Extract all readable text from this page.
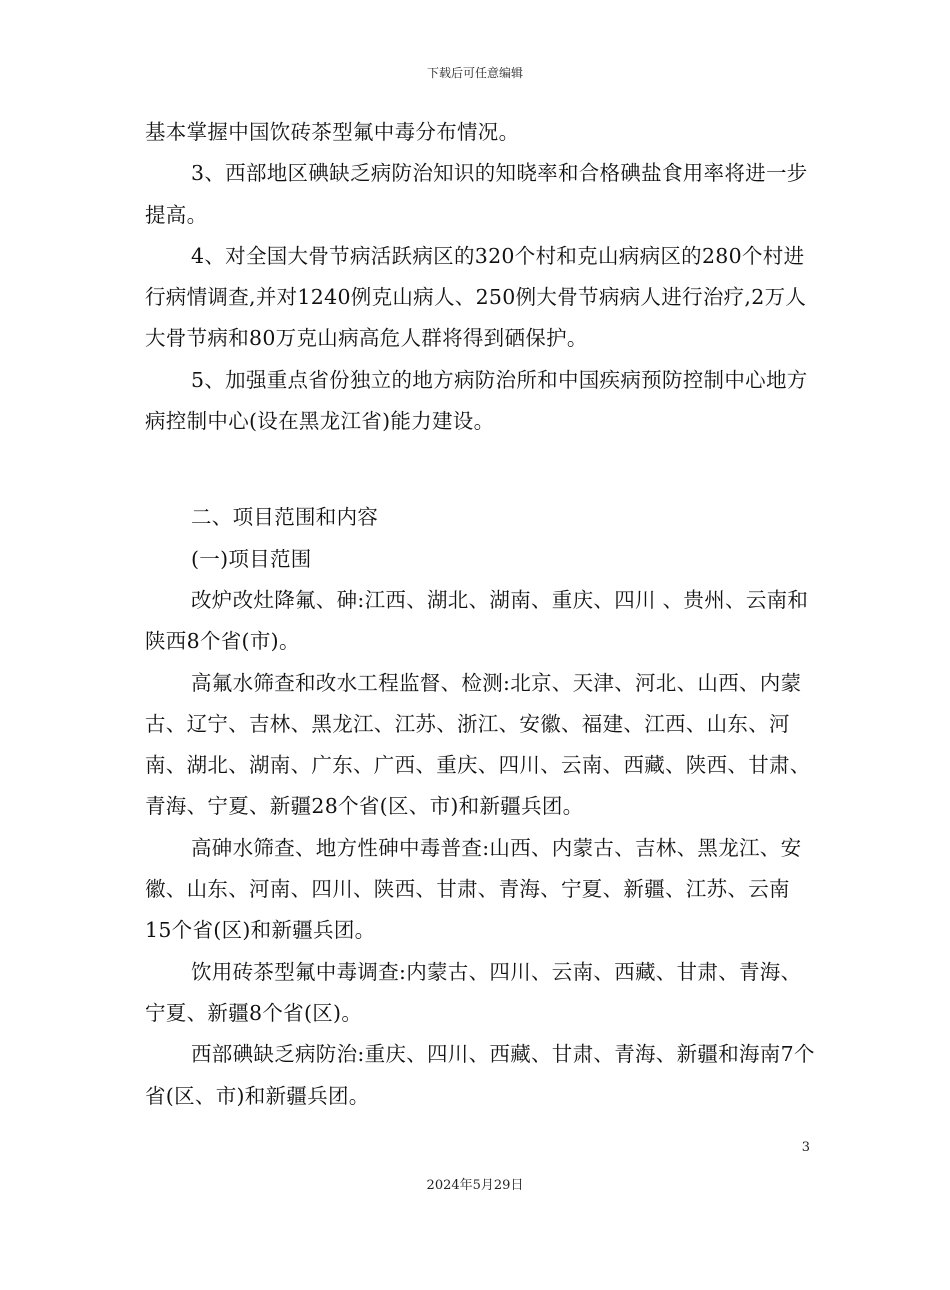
下载后可任意编辑

基本掌握中国饮砖茶型氟中毒分布情况。

3、西部地区碘缺乏病防治知识的知晓率和合格碘盐食用率将进一步提高。

4、对全国大骨节病活跃病区的320个村和克山病病区的280个村进行病情调查,并对1240例克山病人、250例大骨节病病人进行治疗,2万人大骨节病和80万克山病高危人群将得到硒保护。

5、加强重点省份独立的地方病防治所和中国疾病预防控制中心地方病控制中心(设在黑龙江省)能力建设。

二、项目范围和内容

(一)项目范围

改炉改灶降氟、砷:江西、湖北、湖南、重庆、四川 、贵州、云南和陕西8个省(市)。

高氟水筛查和改水工程监督、检测:北京、天津、河北、山西、内蒙古、辽宁、吉林、黑龙江、江苏、浙江、安徽、福建、江西、山东、河南、湖北、湖南、广东、广西、重庆、四川、云南、西藏、陕西、甘肃、青海、宁夏、新疆28个省(区、市)和新疆兵团。

高砷水筛查、地方性砷中毒普查:山西、内蒙古、吉林、黑龙江、安徽、山东、河南、四川、陕西、甘肃、青海、宁夏、新疆、江苏、云南15个省(区)和新疆兵团。

饮用砖茶型氟中毒调查:内蒙古、四川、云南、西藏、甘肃、青海、宁夏、新疆8个省(区)。

西部碘缺乏病防治:重庆、四川、西藏、甘肃、青海、新疆和海南7个省(区、市)和新疆兵团。

3
2024年5月29日
